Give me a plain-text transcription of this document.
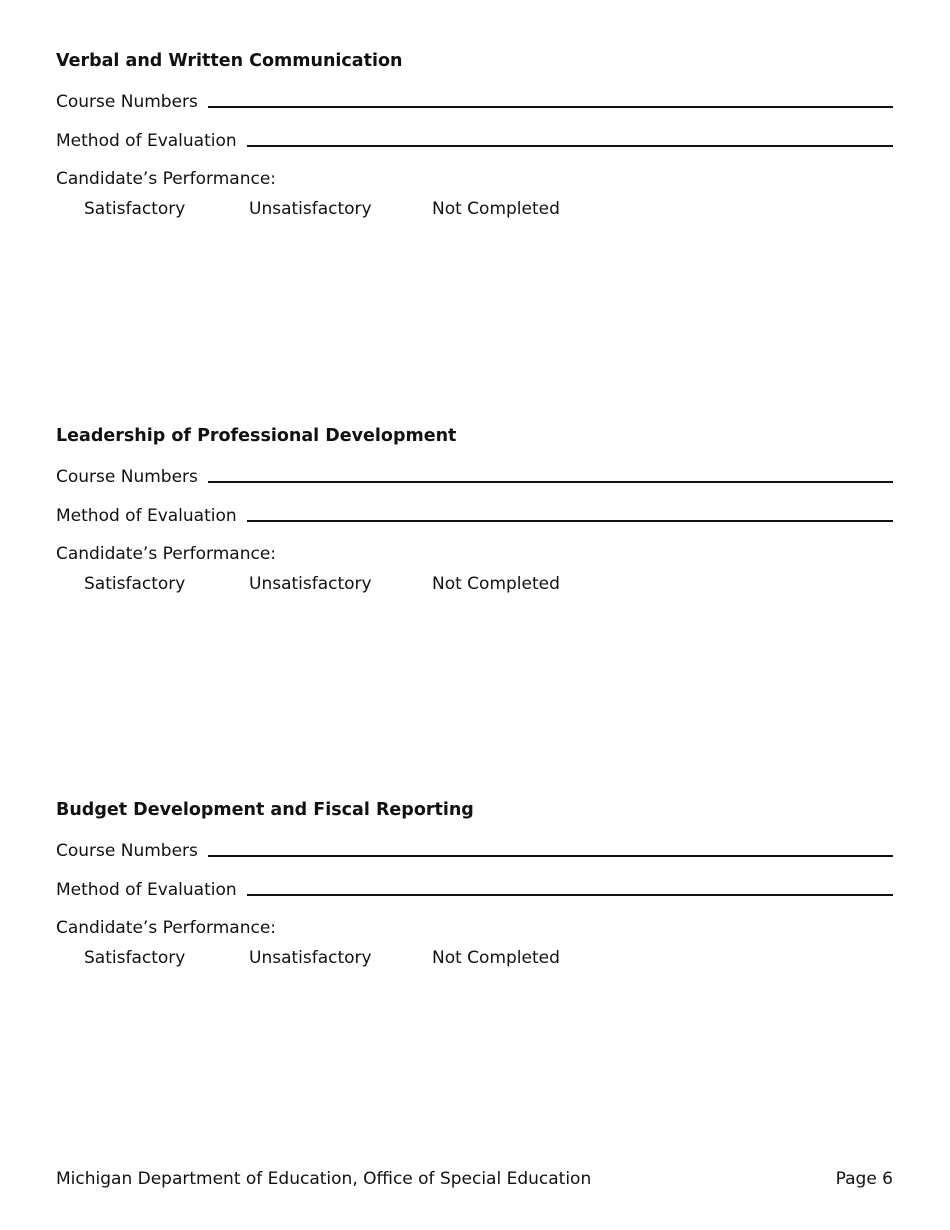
Verbal and Written Communication
Course Numbers
Method of Evaluation
Candidate’s Performance:
Satisfactory	Unsatisfactory	Not Completed
Leadership of Professional Development
Course Numbers
Method of Evaluation
Candidate’s Performance:
Satisfactory	Unsatisfactory	Not Completed
Budget Development and Fiscal Reporting
Course Numbers
Method of Evaluation
Candidate’s Performance:
Satisfactory	Unsatisfactory	Not Completed
Michigan Department of Education, Office of Special Education	Page 6
